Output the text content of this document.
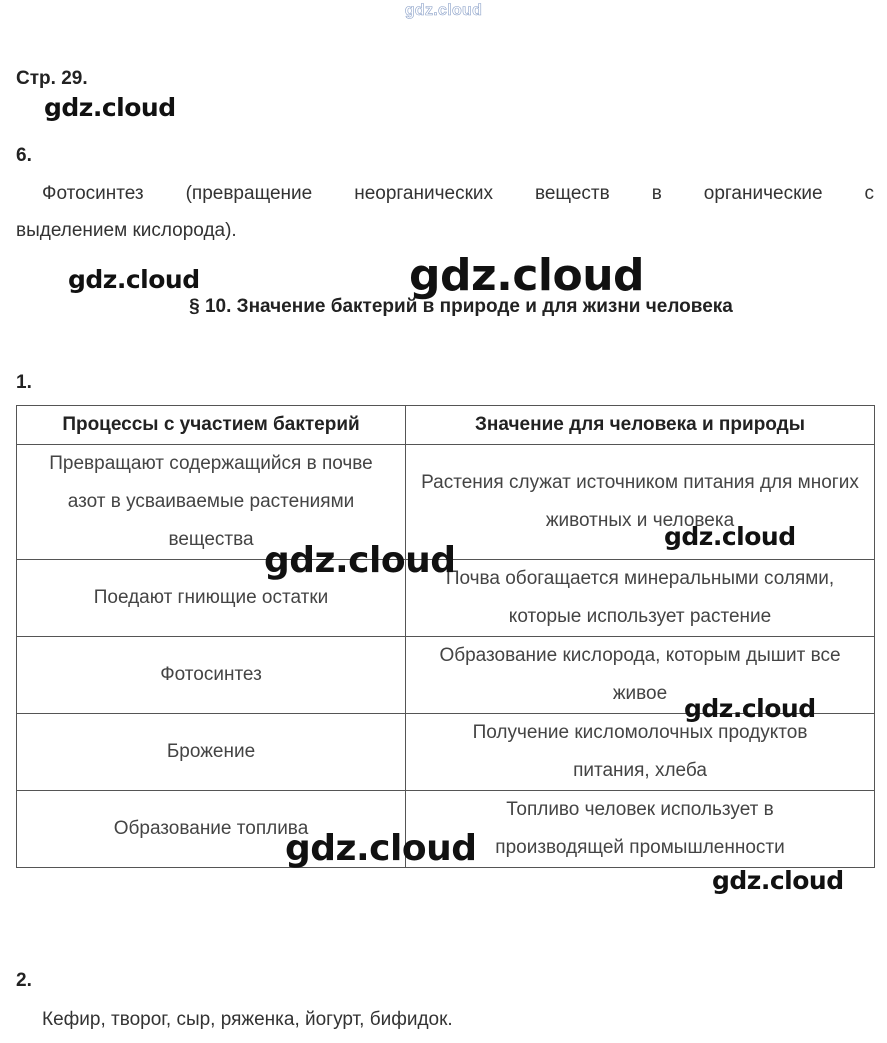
gdz.cloud
Стр. 29.
gdz.cloud
6.
Фотосинтез (превращение неорганических веществ в органические с
выделением кислорода).
gdz.cloud	gdz.cloud
§ 10. Значение бактерий в природе и для жизни человека
1.
Процессы с участием бактерий	Значение для человека и природы
Превращают содержащийся в почве азот в усваиваемые растениями вещества	Растения служат источником питания для многих животных и человека
Поедают гниющие остатки	Почва обогащается минеральными солями, которые использует растение
Фотосинтез	Образование кислорода, которым дышит все живое
Брожение	Получение кисломолочных продуктов питания, хлеба
Образование топлива	Топливо человек использует в производящей промышленности
gdz.cloud
gdz.cloud
gdz.cloud
gdz.cloud
gdz.cloud
2.
Кефир, творог, сыр, ряженка, йогурт, бифидок.
